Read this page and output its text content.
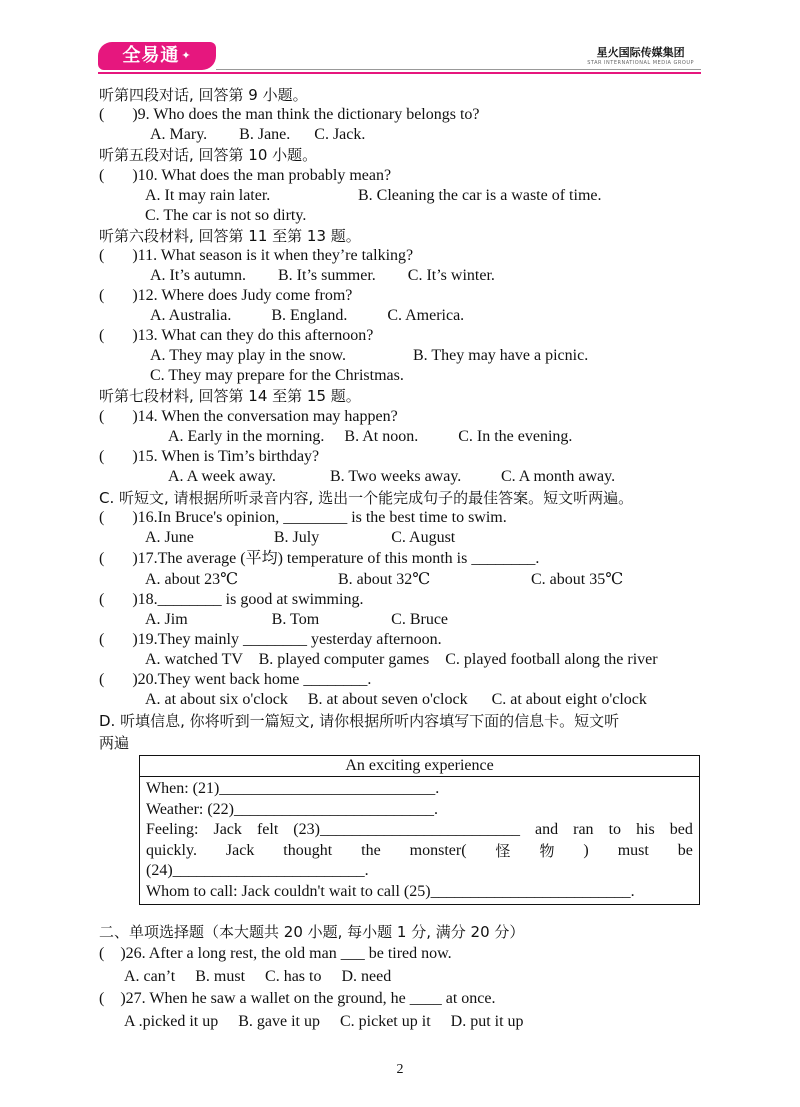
全易通 ✦	星火国际传媒集团
STAR INTERNATIONAL MEDIA GROUP
听第四段对话, 回答第 9 小题。
(       )9. Who does the man think the dictionary belongs to?
A. Mary.        B. Jane.      C. Jack.
听第五段对话, 回答第 10 小题。
(       )10. What does the man probably mean?
A. It may rain later.	B. Cleaning the car is a waste of time.
C. The car is not so dirty.
听第六段材料, 回答第 11 至第 13 题。
(       )11. What season is it when they’re talking?
A. It’s autumn.        B. It’s summer.        C. It’s winter.
(       )12. Where does Judy come from?
A. Australia.          B. England.          C. America.
(       )13. What can they do this afternoon?
A. They may play in the snow.	B. They may have a picnic.
C. They may prepare for the Christmas.
听第七段材料, 回答第 14 至第 15 题。
(       )14. When the conversation may happen?
A. Early in the morning.     B. At noon.          C. In the evening.
(       )15. When is Tim’s birthday?
A. A week away.	B. Two weeks away. C. A month away.
C. 听短文, 请根据所听录音内容, 选出一个能完成句子的最佳答案。短文听两遍。
(       )16.In Bruce's opinion, ________ is the best time to swim.
A. June                    B. July                  C. August
(       )17.The average (平均) temperature of this month is ________.
A. about 23℃	B. about 32℃	C. about 35℃
(       )18.________ is good at swimming.
A. Jim                     B. Tom                  C. Bruce
(       )19.They mainly ________ yesterday afternoon.
A. watched TV    B. played computer games    C. played football along the river
(       )20.They went back home ________.
A. at about six o'clock     B. at about seven o'clock      C. at about eight o'clock
D. 听填信息, 你将听到一篇短文, 请你根据所听内容填写下面的信息卡。短文听
两遍
An exciting experience

When: (21)___________________________.
Weather: (22)_________________________.
Feeling: Jack felt (23)_________________________ and ran to his bed
quickly. Jack thought the monster( 怪 物 ) must be
(24)________________________.
Whom to call: Jack couldn't wait to call (25)_________________________.
二、单项选择题（本大题共 20 小题, 每小题 1 分, 满分 20 分）
(    )26. After a long rest, the old man ___ be tired now.
A. can’t     B. must     C. has to     D. need
(    )27. When he saw a wallet on the ground, he ____ at once.
A .picked it up     B. gave it up     C. picket up it     D. put it up
2
